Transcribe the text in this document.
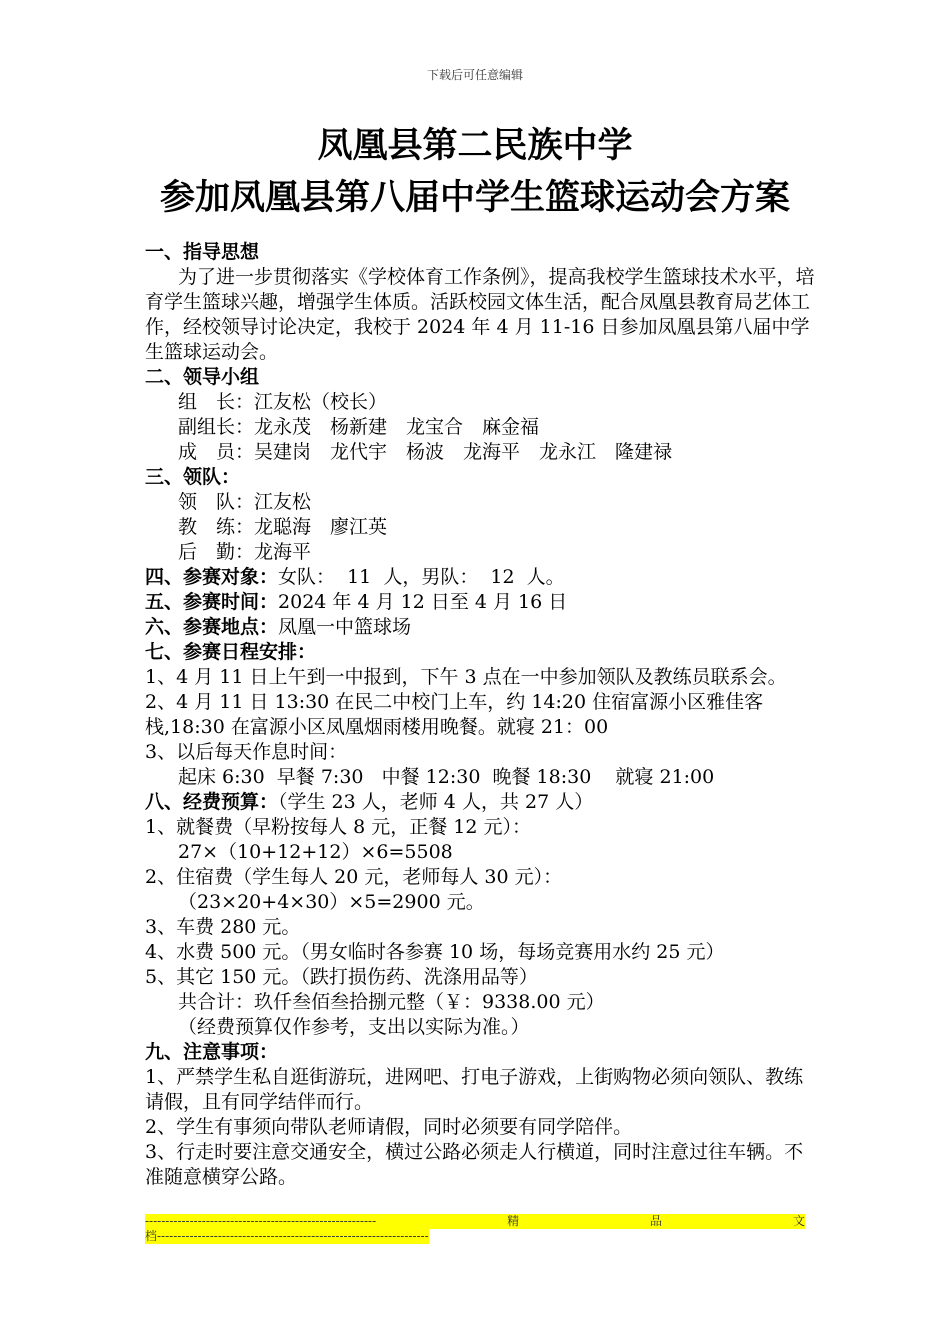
下载后可任意编辑
凤凰县第二民族中学
参加凤凰县第八届中学生篮球运动会方案

一、指导思想

为了进一步贯彻落实《学校体育工作条例》，提高我校学生篮球技术水平，培育学生篮球兴趣，增强学生体质。活跃校园文体生活，配合凤凰县教育局艺体工作，经校领导讨论决定，我校于 2024 年 4 月 11-16 日参加凤凰县第八届中学生篮球运动会。

二、领导小组

组　长：江友松（校长）

副组长：龙永茂　杨新建　龙宝合　麻金福

成　员：吴建岗　龙代宇　杨波　龙海平　龙永江　隆建禄

三、领队：

领　队：江友松

教　练：龙聪海　廖江英

后　勤：龙海平

四、参赛对象：女队：  11  人，男队：  12  人。

五、参赛时间：2024 年 4 月 12 日至 4 月 16 日

六、参赛地点：凤凰一中篮球场

七、参赛日程安排：

1、4 月 11 日上午到一中报到，下午 3 点在一中参加领队及教练员联系会。

2、4 月 11 日 13:30 在民二中校门上车，约 14:20 住宿富源小区雅佳客栈,18:30 在富源小区凤凰烟雨楼用晚餐。就寝 21：00

3、以后每天作息时间：

起床 6:30  早餐 7:30   中餐 12:30  晚餐 18:30    就寝 21:00

八、经费预算：（学生 23 人，老师 4 人，共 27 人）

1、就餐费（早粉按每人 8 元，正餐 12 元）：

27×（10+12+12）×6=5508

2、住宿费（学生每人 20 元，老师每人 30 元）：

（23×20+4×30）×5=2900 元。

3、车费 280 元。

4、水费 500 元。（男女临时各参赛 10 场，每场竞赛用水约 25 元）

5、其它 150 元。（跌打损伤药、洗涤用品等）

共合计：玖仟叁佰叁拾捌元整（￥：9338.00 元）

（经费预算仅作参考，支出以实际为准。）

九、注意事项：

1、严禁学生私自逛街游玩，进网吧、打电子游戏，上街购物必须向领队、教练请假，且有同学结伴而行。

2、学生有事须向带队老师请假，同时必须要有同学陪伴。

3、行走时要注意交通安全，横过公路必须走人行横道，同时注意过往车辆。不准随意横穿公路。

---------------------------------------------------------	精	品	文
档-------------------------------------------------------------------
